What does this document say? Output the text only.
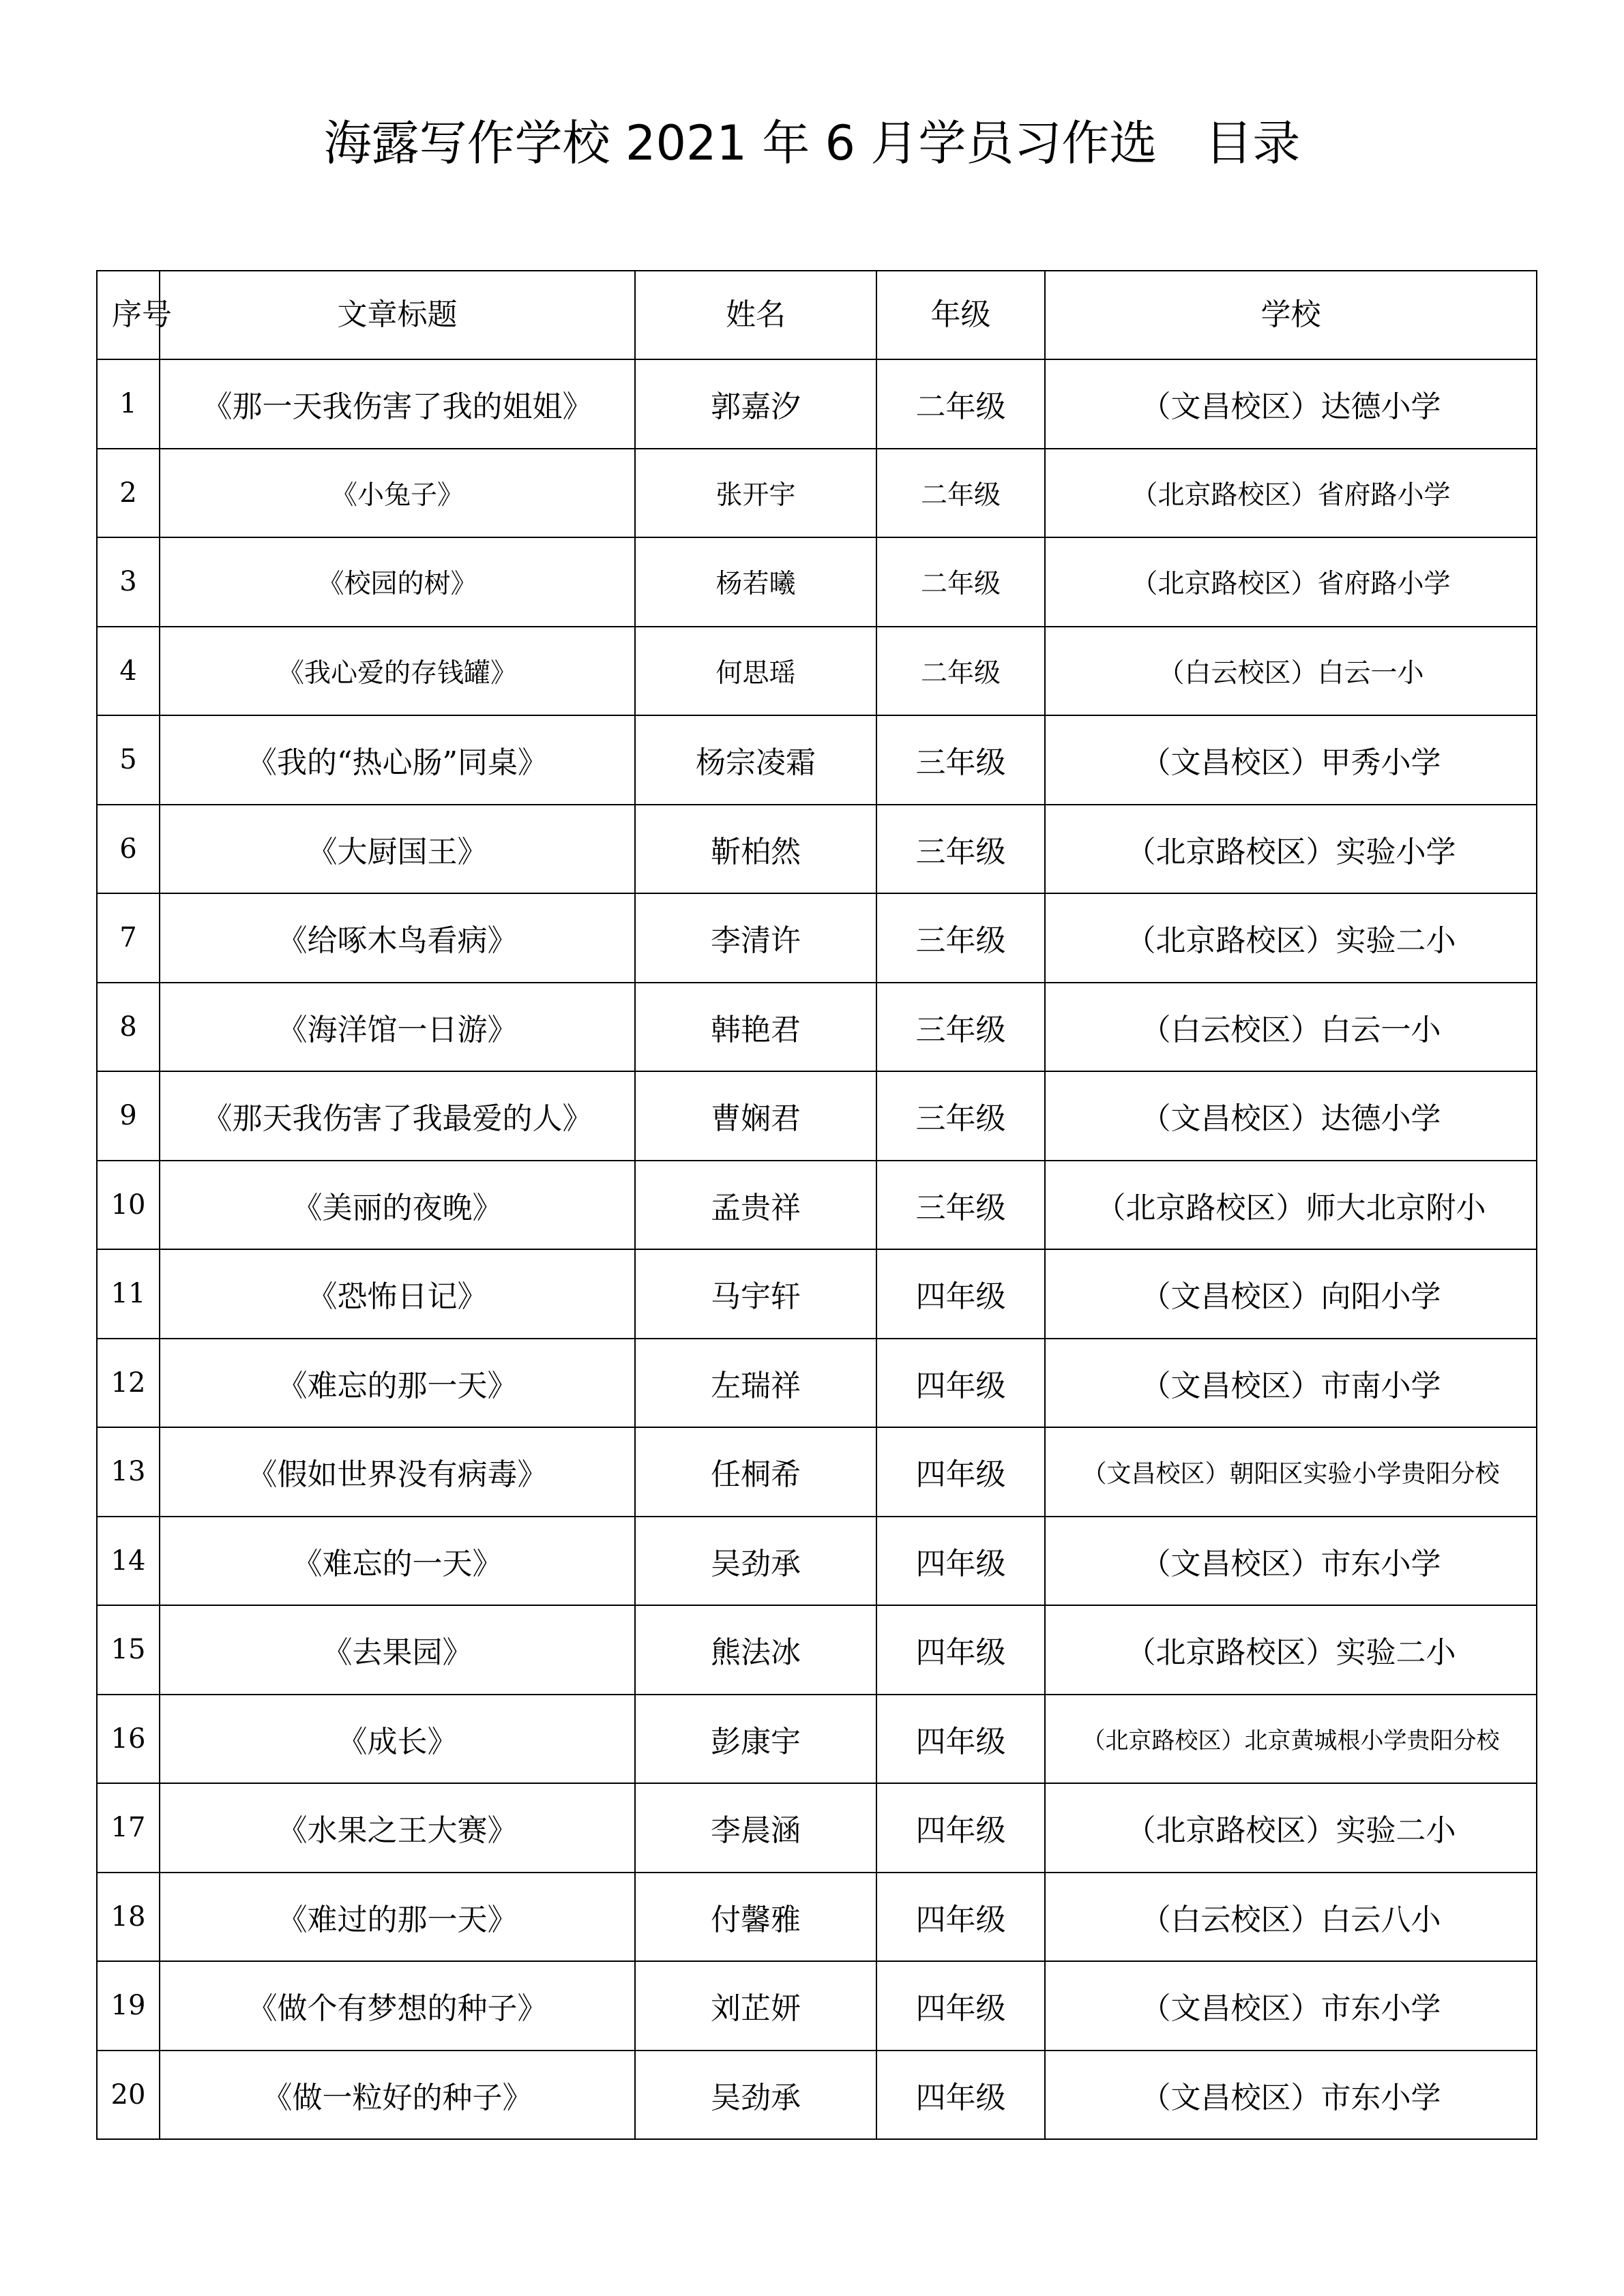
海露写作学校 2021 年 6 月学员习作选　目录
序号	文章标题	姓名	年级	学校
1	《那一天我伤害了我的姐姐》	郭嘉汐	二年级	（文昌校区）达德小学
2	《小兔子》	张开宇	二年级	（北京路校区）省府路小学
3	《校园的树》	杨若曦	二年级	（北京路校区）省府路小学
4	《我心爱的存钱罐》	何思瑶	二年级	（白云校区）白云一小
5	《我的“热心肠”同桌》	杨宗凌霜	三年级	（文昌校区）甲秀小学
6	《大厨国王》	靳柏然	三年级	（北京路校区）实验小学
7	《给啄木鸟看病》	李清许	三年级	（北京路校区）实验二小
8	《海洋馆一日游》	韩艳君	三年级	（白云校区）白云一小
9	《那天我伤害了我最爱的人》	曹娴君	三年级	（文昌校区）达德小学
10	《美丽的夜晚》	孟贵祥	三年级	（北京路校区）师大北京附小
11	《恐怖日记》	马宇轩	四年级	（文昌校区）向阳小学
12	《难忘的那一天》	左瑞祥	四年级	（文昌校区）市南小学
13	《假如世界没有病毒》	任桐希	四年级	（文昌校区）朝阳区实验小学贵阳分校
14	《难忘的一天》	吴劲承	四年级	（文昌校区）市东小学
15	《去果园》	熊法冰	四年级	（北京路校区）实验二小
16	《成长》	彭康宇	四年级	（北京路校区）北京黄城根小学贵阳分校
17	《水果之王大赛》	李晨涵	四年级	（北京路校区）实验二小
18	《难过的那一天》	付馨雅	四年级	（白云校区）白云八小
19	《做个有梦想的种子》	刘芷妍	四年级	（文昌校区）市东小学
20	《做一粒好的种子》	吴劲承	四年级	（文昌校区）市东小学
